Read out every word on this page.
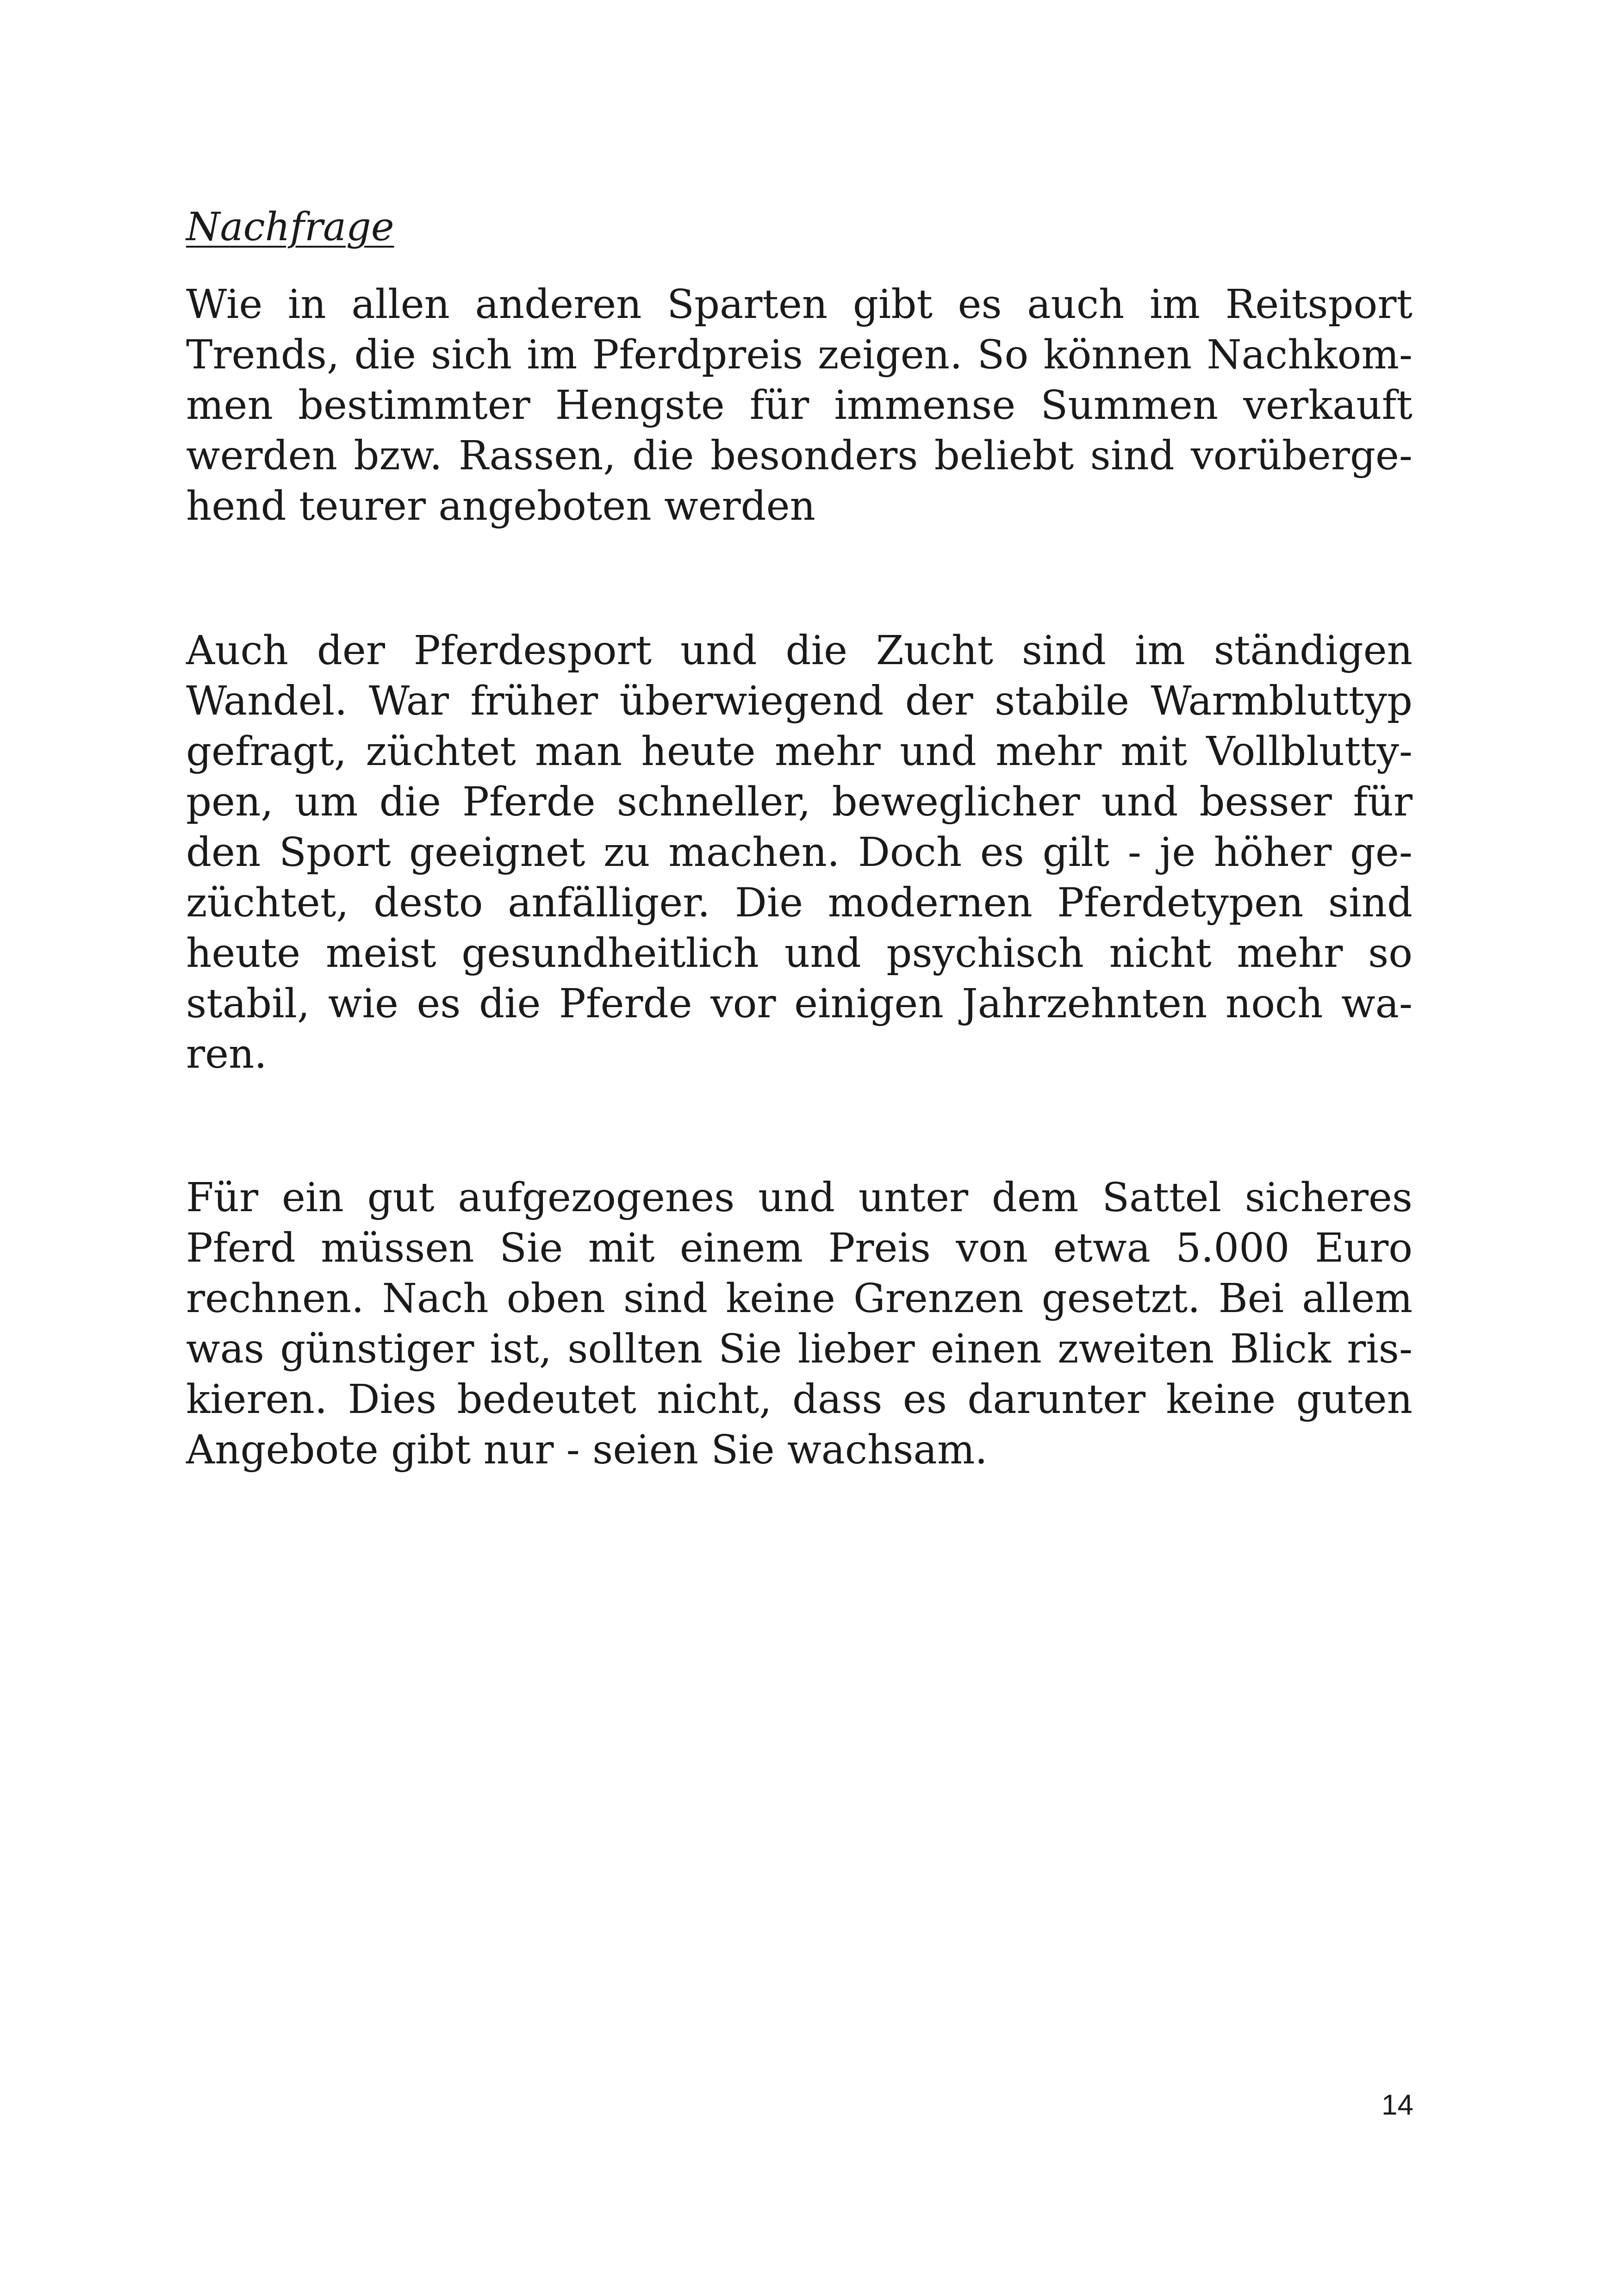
Nachfrage

Wie in allen anderen Sparten gibt es auch im Reitsport
Trends, die sich im Pferdpreis zeigen. So können Nachkom-
men bestimmter Hengste für immense Summen verkauft
werden bzw. Rassen, die besonders beliebt sind vorüberge-
hend teurer angeboten werden

Auch der Pferdesport und die Zucht sind im ständigen
Wandel. War früher überwiegend der stabile Warmbluttyp
gefragt, züchtet man heute mehr und mehr mit Vollblutty-
pen, um die Pferde schneller, beweglicher und besser für
den Sport geeignet zu machen. Doch es gilt - je höher ge-
züchtet, desto anfälliger. Die modernen Pferdetypen sind
heute meist gesundheitlich und psychisch nicht mehr so
stabil, wie es die Pferde vor einigen Jahrzehnten noch wa-
ren.

Für ein gut aufgezogenes und unter dem Sattel sicheres
Pferd müssen Sie mit einem Preis von etwa 5.000 Euro
rechnen. Nach oben sind keine Grenzen gesetzt. Bei allem
was günstiger ist, sollten Sie lieber einen zweiten Blick ris-
kieren. Dies bedeutet nicht, dass es darunter keine guten
Angebote gibt nur - seien Sie wachsam.

14
